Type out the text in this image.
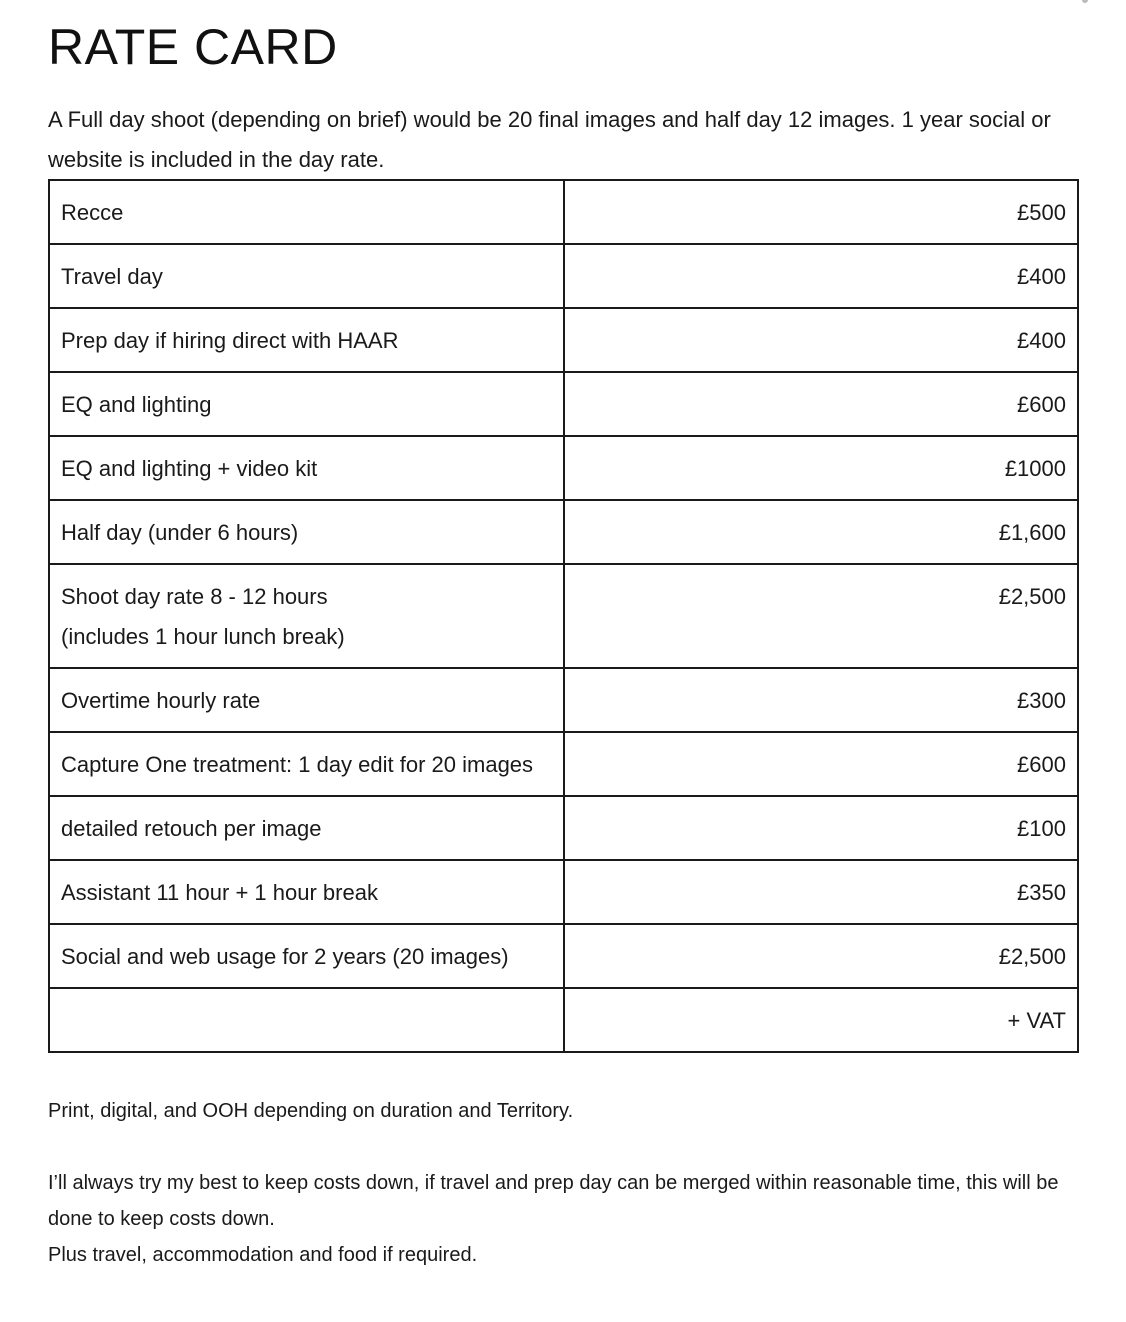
RATE CARD

A Full day shoot (depending on brief) would be 20 final images and half day 12 images. 1 year social or website is included in the day rate.

Recce	£500

Travel day	£400

Prep day if hiring direct with HAAR	£400

EQ and lighting	£600

EQ and lighting + video kit	£1000

Half day (under 6 hours)	£1,600

Shoot day rate 8 - 12 hours
(includes 1 hour lunch break)	£2,500

Overtime hourly rate	£300

Capture One treatment: 1 day edit for 20 images	£600

detailed retouch per image	£100

Assistant 11 hour + 1 hour break	£350

Social and web usage for 2 years (20 images)	£2,500

	+ VAT

Print, digital, and OOH depending on duration and Territory.

I’ll always try my best to keep costs down, if travel and prep day can be merged within reasonable time, this will be done to keep costs down.

Plus travel, accommodation and food if required.
